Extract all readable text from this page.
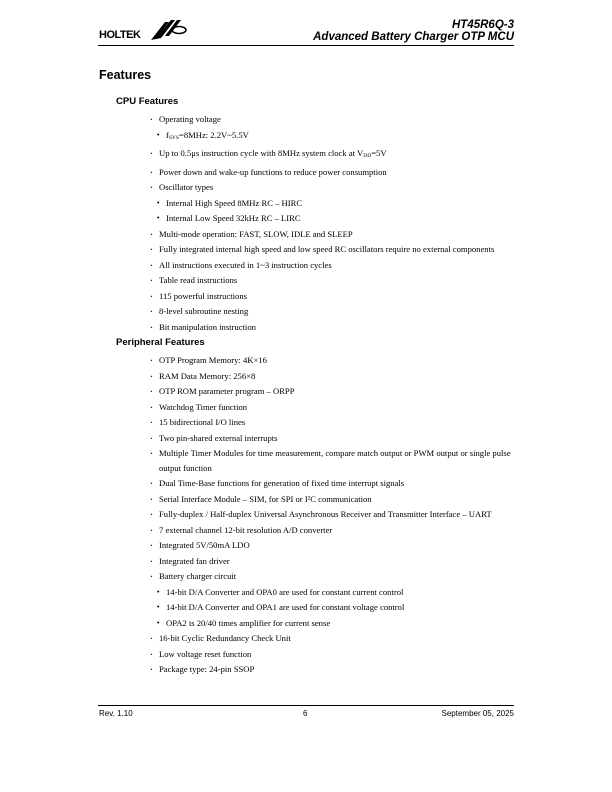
HOLTEK
HT45R6Q-3
Advanced Battery Charger OTP MCU
Features
CPU Features
· Operating voltage
• $f_{SYS}=8MHz$: 2.2V~5.5V
· Up to 0.5μs instruction cycle with 8MHz system clock at $V_{DD}=5V$
· Power down and wake-up functions to reduce power consumption
· Oscillator types
• Internal High Speed 8MHz RC – HIRC
• Internal Low Speed 32kHz RC – LIRC
· Multi-mode operation: FAST, SLOW, IDLE and SLEEP
· Fully integrated internal high speed and low speed RC oscillators require no external components
· All instructions executed in 1~3 instruction cycles
· Table read instructions
· 115 powerful instructions
· 8-level subroutine nesting
· Bit manipulation instruction
Peripheral Features
· OTP Program Memory: 4K×16
· RAM Data Memory: 256×8
· OTP ROM parameter program – ORPP
· Watchdog Timer function
· 15 bidirectional I/O lines
· Two pin-shared external interrupts
· Multiple Timer Modules for time measurement, compare match output or PWM output or single pulse output function
· Dual Time-Base functions for generation of fixed time interrupt signals
· Serial Interface Module – SIM, for SPI or I²C communication
· Fully-duplex / Half-duplex Universal Asynchronous Receiver and Transmitter Interface – UART
· 7 external channel 12-bit resolution A/D converter
· Integrated 5V/50mA LDO
· Integrated fan driver
· Battery charger circuit
• 14-bit D/A Converter and OPA0 are used for constant current control
• 14-bit D/A Converter and OPA1 are used for constant voltage control
• OPA2 is 20/40 times amplifier for current sense
· 16-bit Cyclic Redundancy Check Unit
· Low voltage reset function
· Package type: 24-pin SSOP
Rev. 1.10	6	September 05, 2025
